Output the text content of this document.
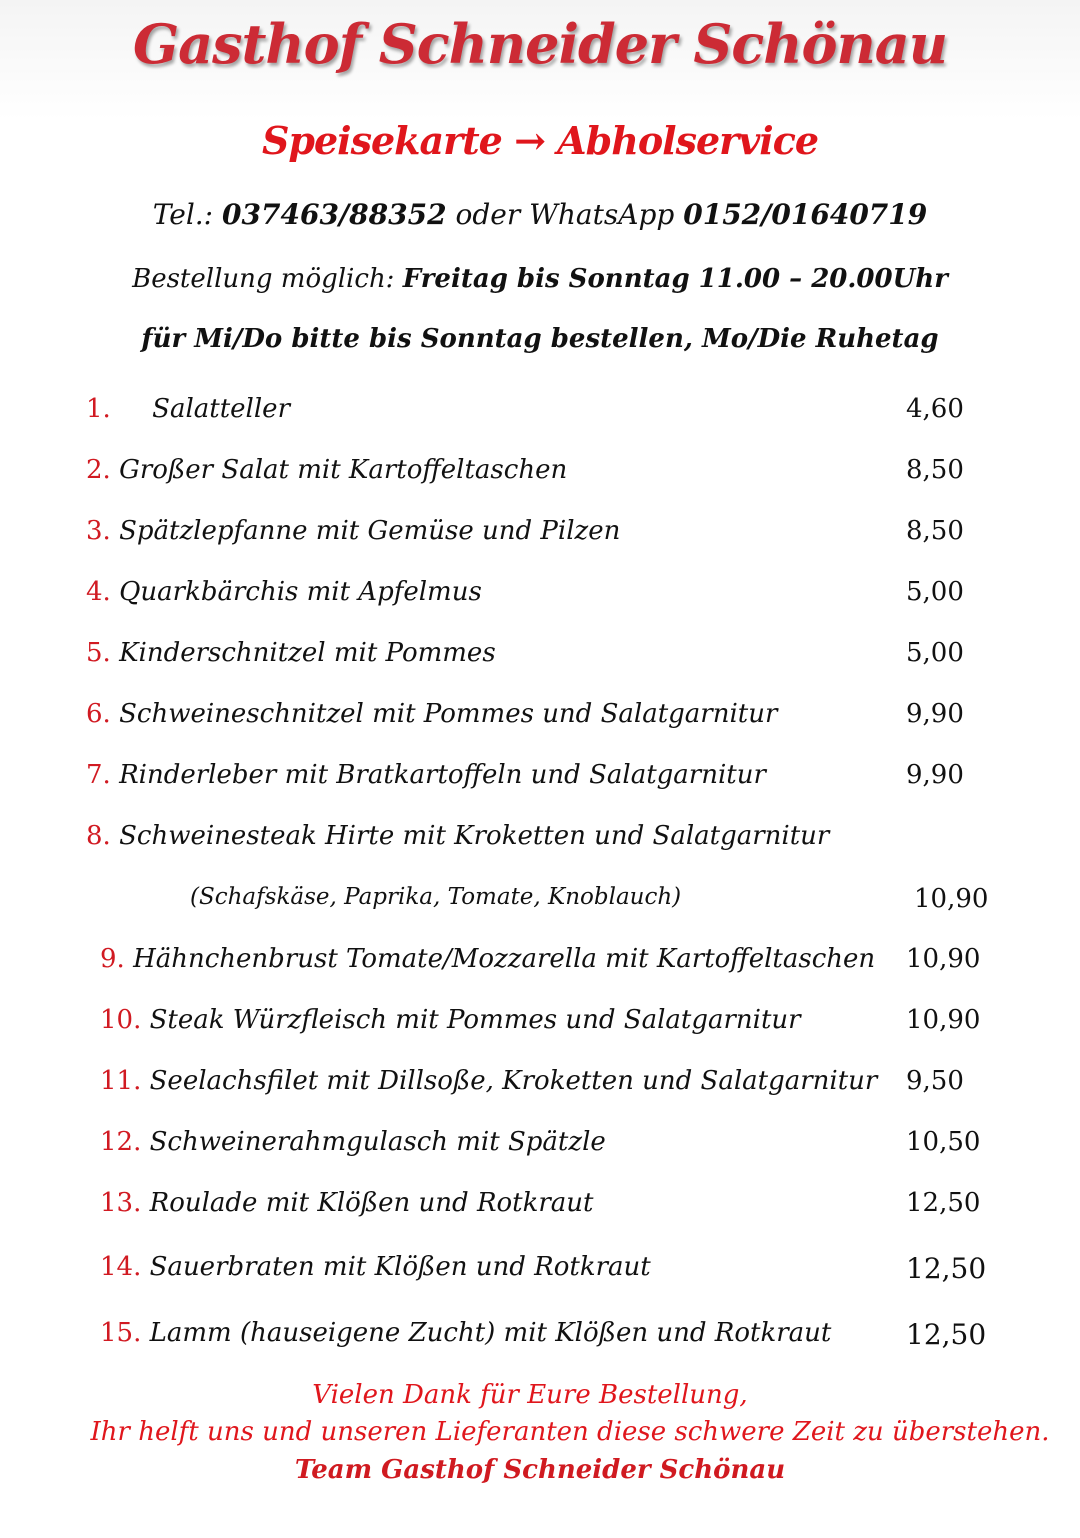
Gasthof Schneider Schönau
Speisekarte → Abholservice
Tel.: 037463/88352 oder WhatsApp 0152/01640719
Bestellung möglich: Freitag bis Sonntag 11.00 – 20.00Uhr
für Mi/Do bitte bis Sonntag bestellen, Mo/Die Ruhetag
1. Salatteller	4,60
2. Großer Salat mit Kartoffeltaschen	8,50
3. Spätzlepfanne mit Gemüse und Pilzen	8,50
4. Quarkbärchis mit Apfelmus	5,00
5. Kinderschnitzel mit Pommes	5,00
6. Schweineschnitzel mit Pommes und Salatgarnitur	9,90
7. Rinderleber mit Bratkartoffeln und Salatgarnitur	9,90
8. Schweinesteak Hirte mit Kroketten und Salatgarnitur
(Schafskäse, Paprika, Tomate, Knoblauch)	10,90
9. Hähnchenbrust Tomate/Mozzarella mit Kartoffeltaschen 10,90
10. Steak Würzfleisch mit Pommes und Salatgarnitur	10,90
11. Seelachsfilet mit Dillsoße, Kroketten und Salatgarnitur 9,50
12. Schweinerahmgulasch mit Spätzle	10,50
13. Roulade mit Klößen und Rotkraut	12,50
14. Sauerbraten mit Klößen und Rotkraut	12,50
15. Lamm (hauseigene Zucht) mit Klößen und Rotkraut	12,50
Vielen Dank für Eure Bestellung,
Ihr helft uns und unseren Lieferanten diese schwere Zeit zu überstehen.
Team Gasthof Schneider Schönau
